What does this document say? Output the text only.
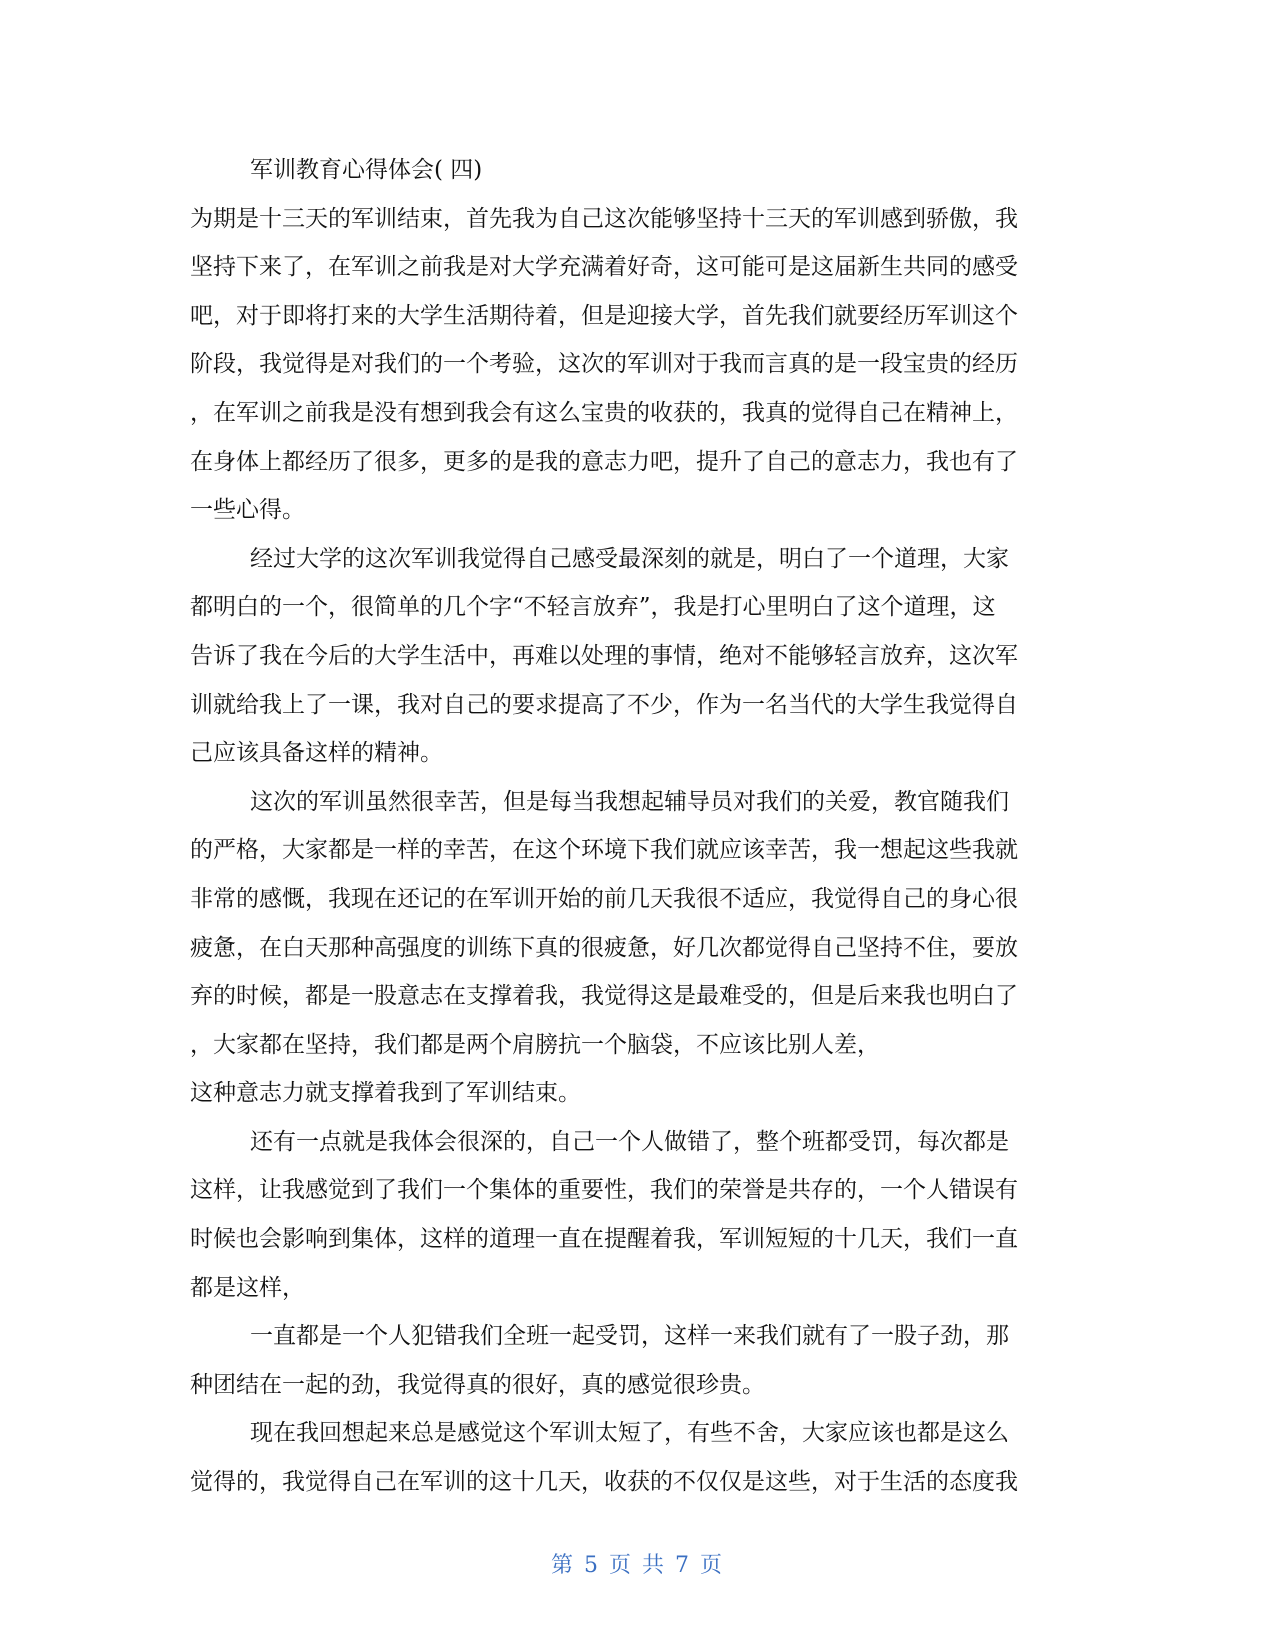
军训教育心得体会( 四)
为期是十三天的军训结束，首先我为自己这次能够坚持十三天的军训感到骄傲，我
坚持下来了，在军训之前我是对大学充满着好奇，这可能可是这届新生共同的感受
吧，对于即将打来的大学生活期待着，但是迎接大学，首先我们就要经历军训这个
阶段，我觉得是对我们的一个考验，这次的军训对于我而言真的是一段宝贵的经历
，在军训之前我是没有想到我会有这么宝贵的收获的，我真的觉得自己在精神上，
在身体上都经历了很多，更多的是我的意志力吧，提升了自己的意志力，我也有了
一些心得。
经过大学的这次军训我觉得自己感受最深刻的就是，明白了一个道理，大家
都明白的一个，很简单的几个字“不轻言放弃”，我是打心里明白了这个道理，这
告诉了我在今后的大学生活中，再难以处理的事情，绝对不能够轻言放弃，这次军
训就给我上了一课，我对自己的要求提高了不少，作为一名当代的大学生我觉得自
己应该具备这样的精神。
这次的军训虽然很幸苦，但是每当我想起辅导员对我们的关爱，教官随我们
的严格，大家都是一样的幸苦，在这个环境下我们就应该幸苦，我一想起这些我就
非常的感慨，我现在还记的在军训开始的前几天我很不适应，我觉得自己的身心很
疲惫，在白天那种高强度的训练下真的很疲惫，好几次都觉得自己坚持不住，要放
弃的时候，都是一股意志在支撑着我，我觉得这是最难受的，但是后来我也明白了
，大家都在坚持，我们都是两个肩膀抗一个脑袋，不应该比别人差，
这种意志力就支撑着我到了军训结束。
还有一点就是我体会很深的，自己一个人做错了，整个班都受罚，每次都是
这样，让我感觉到了我们一个集体的重要性，我们的荣誉是共存的，一个人错误有
时候也会影响到集体，这样的道理一直在提醒着我，军训短短的十几天，我们一直
都是这样，
一直都是一个人犯错我们全班一起受罚，这样一来我们就有了一股子劲，那
种团结在一起的劲，我觉得真的很好，真的感觉很珍贵。
现在我回想起来总是感觉这个军训太短了，有些不舍，大家应该也都是这么
觉得的，我觉得自己在军训的这十几天，收获的不仅仅是这些，对于生活的态度我
第 5 页 共 7 页
